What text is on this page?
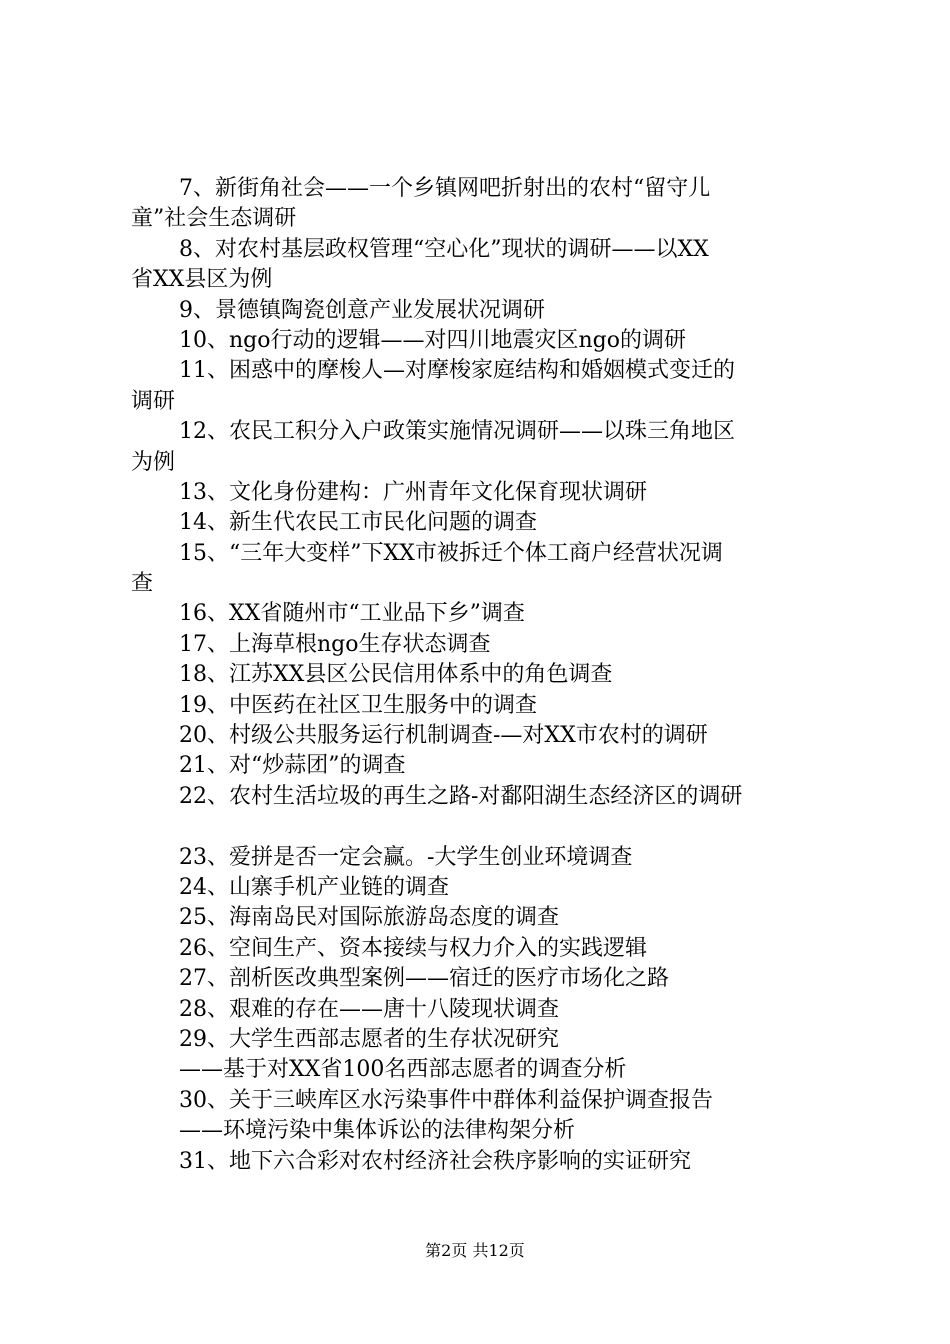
7、新街角社会——一个乡镇网吧折射出的农村“留守儿
童”社会生态调研
8、对农村基层政权管理“空心化”现状的调研——以XX
省XX县区为例
9、景德镇陶瓷创意产业发展状况调研
10、ngo行动的逻辑——对四川地震灾区ngo的调研
11、困惑中的摩梭人—对摩梭家庭结构和婚姻模式变迁的
调研
12、农民工积分入户政策实施情况调研——以珠三角地区
为例
13、文化身份建构：广州青年文化保育现状调研
14、新生代农民工市民化问题的调查
15、“三年大变样”下XX市被拆迁个体工商户经营状况调
查
16、XX省随州市“工业品下乡”调查
17、上海草根ngo生存状态调查
18、江苏XX县区公民信用体系中的角色调查
19、中医药在社区卫生服务中的调查
20、村级公共服务运行机制调查-—对XX市农村的调研
21、对“炒蒜团”的调查
22、农村生活垃圾的再生之路-对鄱阳湖生态经济区的调研
23、爱拼是否一定会赢。-大学生创业环境调查
24、山寨手机产业链的调查
25、海南岛民对国际旅游岛态度的调查
26、空间生产、资本接续与权力介入的实践逻辑
27、剖析医改典型案例——宿迁的医疗市场化之路
28、艰难的存在——唐十八陵现状调查
29、大学生西部志愿者的生存状况研究
——基于对XX省100名西部志愿者的调查分析
30、关于三峡库区水污染事件中群体利益保护调查报告
——环境污染中集体诉讼的法律构架分析
31、地下六合彩对农村经济社会秩序影响的实证研究
第2页 共12页
